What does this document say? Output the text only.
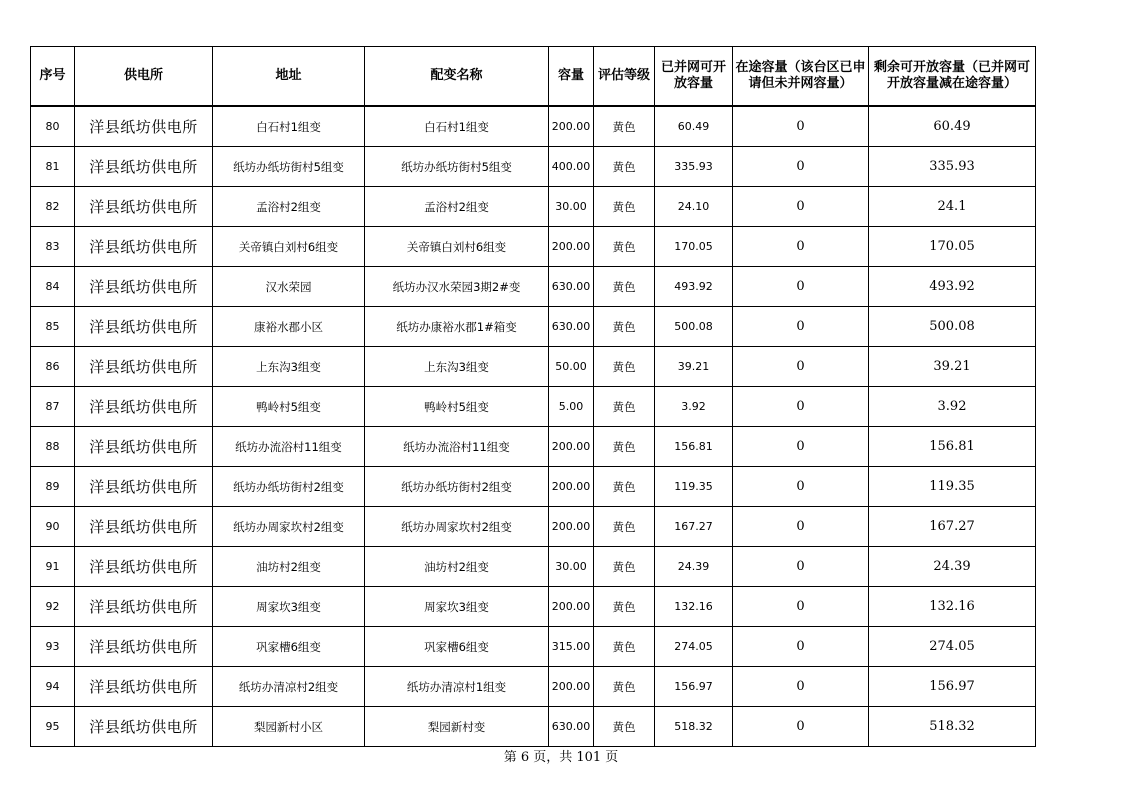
序号	供电所	地址	配变名称	容量	评估等级	已并网可开放容量	在途容量（该台区已申请但未并网容量）	剩余可开放容量（已并网可开放容量减在途容量）
80	洋县纸坊供电所	白石村1组变	白石村1组变	200.00	黄色	60.49	0	60.49
81	洋县纸坊供电所	纸坊办纸坊街村5组变	纸坊办纸坊街村5组变	400.00	黄色	335.93	0	335.93
82	洋县纸坊供电所	孟浴村2组变	孟浴村2组变	30.00	黄色	24.10	0	24.1
83	洋县纸坊供电所	关帝镇白刘村6组变	关帝镇白刘村6组变	200.00	黄色	170.05	0	170.05
84	洋县纸坊供电所	汉水荣园	纸坊办汉水荣园3期2#变	630.00	黄色	493.92	0	493.92
85	洋县纸坊供电所	康裕水郡小区	纸坊办康裕水郡1#箱变	630.00	黄色	500.08	0	500.08
86	洋县纸坊供电所	上东沟3组变	上东沟3组变	50.00	黄色	39.21	0	39.21
87	洋县纸坊供电所	鸭岭村5组变	鸭岭村5组变	5.00	黄色	3.92	0	3.92
88	洋县纸坊供电所	纸坊办流浴村11组变	纸坊办流浴村11组变	200.00	黄色	156.81	0	156.81
89	洋县纸坊供电所	纸坊办纸坊街村2组变	纸坊办纸坊街村2组变	200.00	黄色	119.35	0	119.35
90	洋县纸坊供电所	纸坊办周家坎村2组变	纸坊办周家坎村2组变	200.00	黄色	167.27	0	167.27
91	洋县纸坊供电所	油坊村2组变	油坊村2组变	30.00	黄色	24.39	0	24.39
92	洋县纸坊供电所	周家坎3组变	周家坎3组变	200.00	黄色	132.16	0	132.16
93	洋县纸坊供电所	巩家槽6组变	巩家槽6组变	315.00	黄色	274.05	0	274.05
94	洋县纸坊供电所	纸坊办清凉村2组变	纸坊办清凉村1组变	200.00	黄色	156.97	0	156.97
95	洋县纸坊供电所	梨园新村小区	梨园新村变	630.00	黄色	518.32	0	518.32
第 6 页，共 101 页
